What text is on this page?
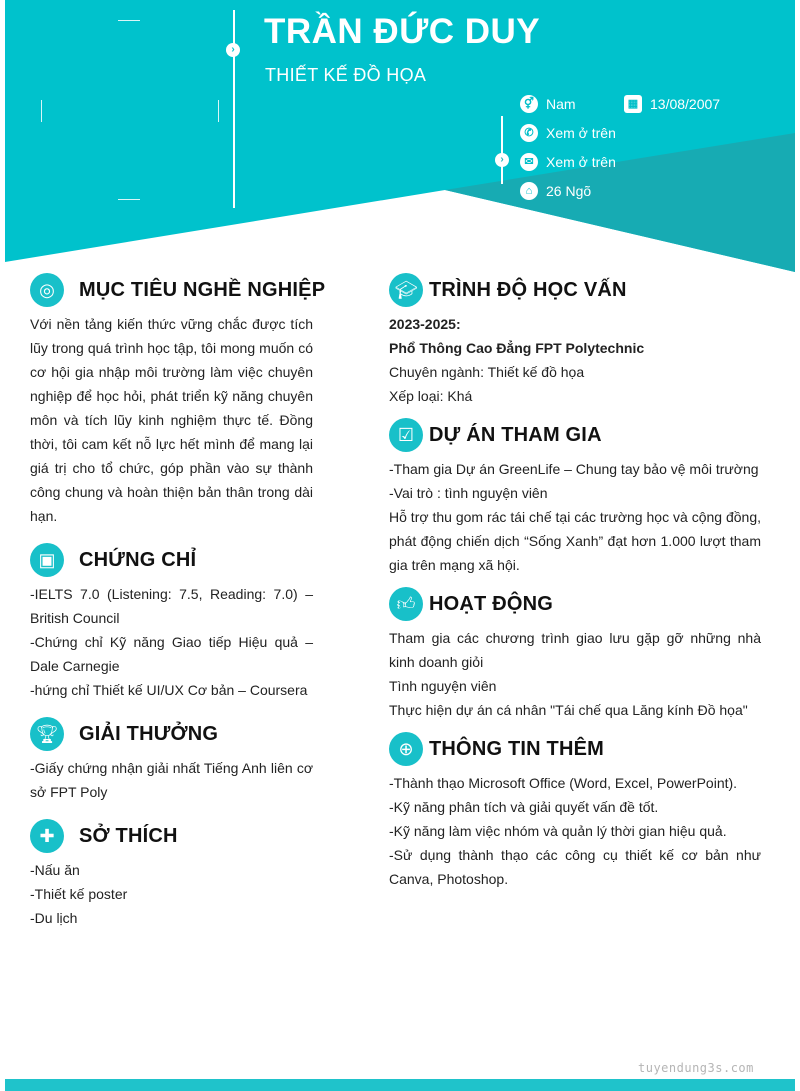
› TRẦN ĐỨC DUY
THIẾT KẾ ĐỒ HỌA
›
⚥ Nam	▦ 13/08/2007
✆ Xem ở trên
✉ Xem ở trên
⌂ 26 Ngõ
◎	MỤC TIÊU NGHỀ NGHIỆP

Với nền tảng kiến thức vững chắc được tích lũy trong quá trình học tập, tôi mong muốn có cơ hội gia nhập môi trường làm việc chuyên nghiệp để học hỏi, phát triển kỹ năng chuyên môn và tích lũy kinh nghiệm thực tế. Đồng thời, tôi cam kết nỗ lực hết mình để mang lại giá trị cho tổ chức, góp phần vào sự thành công chung và hoàn thiện bản thân trong dài hạn.

▣	CHỨNG CHỈ

-IELTS 7.0 (Listening: 7.5, Reading: 7.0) – British Council

-Chứng chỉ Kỹ năng Giao tiếp Hiệu quả – Dale Carnegie

-hứng chỉ Thiết kế UI/UX Cơ bản – Coursera

🏆︎ GIẢI THƯỞNG

-Giấy chứng nhận giải nhất Tiếng Anh liên cơ sở FPT Poly

✚	SỞ THÍCH

-Nấu ăn

-Thiết kế poster

-Du lịch

🎓︎ TRÌNH ĐỘ HỌC VẤN

2023-2025:

Phổ Thông Cao Đẳng FPT Polytechnic

Chuyên ngành: Thiết kế đồ họa

Xếp loại: Khá

☑ DỰ ÁN THAM GIA

-Tham gia Dự án GreenLife – Chung tay bảo vệ môi trường

-Vai trò : tình nguyện viên

Hỗ trợ thu gom rác tái chế tại các trường học và cộng đồng, phát động chiến dịch “Sống Xanh” đạt hơn 1.000 lượt tham gia trên mạng xã hội.

👍︎ HOẠT ĐỘNG

Tham gia các chương trình giao lưu gặp gỡ những nhà kinh doanh giỏi

Tình nguyện viên

Thực hiện dự án cá nhân "Tái chế qua Lăng kính Đồ họa"

⊕ THÔNG TIN THÊM

-Thành thạo Microsoft Office (Word, Excel, PowerPoint).

-Kỹ năng phân tích và giải quyết vấn đề tốt.

-Kỹ năng làm việc nhóm và quản lý thời gian hiệu quả.

-Sử dụng thành thạo các công cụ thiết kế cơ bản như Canva, Photoshop.

tuyendung3s.com
